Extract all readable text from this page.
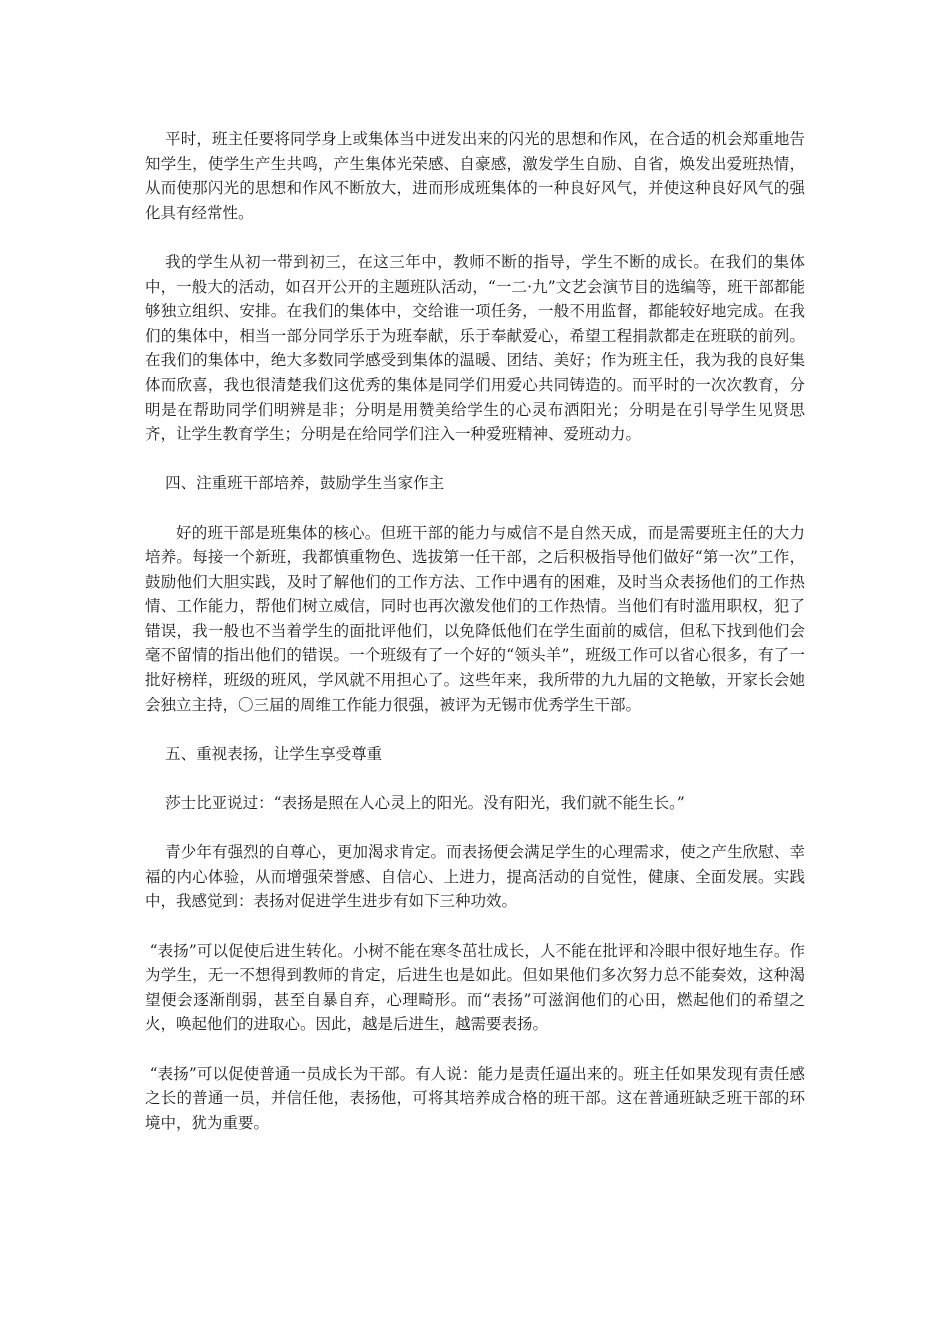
平时，班主任要将同学身上或集体当中迸发出来的闪光的思想和作风，在合适的机会郑重地告知学生，使学生产生共鸣，产生集体光荣感、自豪感，激发学生自励、自省，焕发出爱班热情，从而使那闪光的思想和作风不断放大，进而形成班集体的一种良好风气，并使这种良好风气的强化具有经常性。

我的学生从初一带到初三，在这三年中，教师不断的指导，学生不断的成长。在我们的集体中，一般大的活动，如召开公开的主题班队活动，“一二·九”文艺会演节目的选编等，班干部都能够独立组织、安排。在我们的集体中，交给谁一项任务，一般不用监督，都能较好地完成。在我们的集体中，相当一部分同学乐于为班奉献，乐于奉献爱心，希望工程捐款都走在班联的前列。在我们的集体中，绝大多数同学感受到集体的温暖、团结、美好；作为班主任，我为我的良好集体而欣喜，我也很清楚我们这优秀的集体是同学们用爱心共同铸造的。而平时的一次次教育，分明是在帮助同学们明辨是非；分明是用赞美给学生的心灵布洒阳光；分明是在引导学生见贤思齐，让学生教育学生；分明是在给同学们注入一种爱班精神、爱班动力。

四、注重班干部培养，鼓励学生当家作主

好的班干部是班集体的核心。但班干部的能力与威信不是自然天成，而是需要班主任的大力培养。每接一个新班，我都慎重物色、选拔第一任干部，之后积极指导他们做好“第一次”工作，鼓励他们大胆实践，及时了解他们的工作方法、工作中遇有的困难，及时当众表扬他们的工作热情、工作能力，帮他们树立威信，同时也再次激发他们的工作热情。当他们有时滥用职权，犯了错误，我一般也不当着学生的面批评他们，以免降低他们在学生面前的威信，但私下找到他们会毫不留情的指出他们的错误。一个班级有了一个好的“领头羊”，班级工作可以省心很多，有了一批好榜样，班级的班风，学风就不用担心了。这些年来，我所带的九九届的文艳敏，开家长会她会独立主持，〇三届的周维工作能力很强，被评为无锡市优秀学生干部。

五、重视表扬，让学生享受尊重

莎士比亚说过：“表扬是照在人心灵上的阳光。没有阳光，我们就不能生长。”

青少年有强烈的自尊心，更加渴求肯定。而表扬便会满足学生的心理需求，使之产生欣慰、幸福的内心体验，从而增强荣誉感、自信心、上进力，提高活动的自觉性，健康、全面发展。实践中，我感觉到：表扬对促进学生进步有如下三种功效。

“表扬”可以促使后进生转化。小树不能在寒冬茁壮成长，人不能在批评和冷眼中很好地生存。作为学生，无一不想得到教师的肯定，后进生也是如此。但如果他们多次努力总不能奏效，这种渴望便会逐渐削弱，甚至自暴自弃，心理畸形。而“表扬”可滋润他们的心田，燃起他们的希望之火，唤起他们的进取心。因此，越是后进生，越需要表扬。

“表扬”可以促使普通一员成长为干部。有人说：能力是责任逼出来的。班主任如果发现有责任感之长的普通一员，并信任他，表扬他，可将其培养成合格的班干部。这在普通班缺乏班干部的环境中，犹为重要。
